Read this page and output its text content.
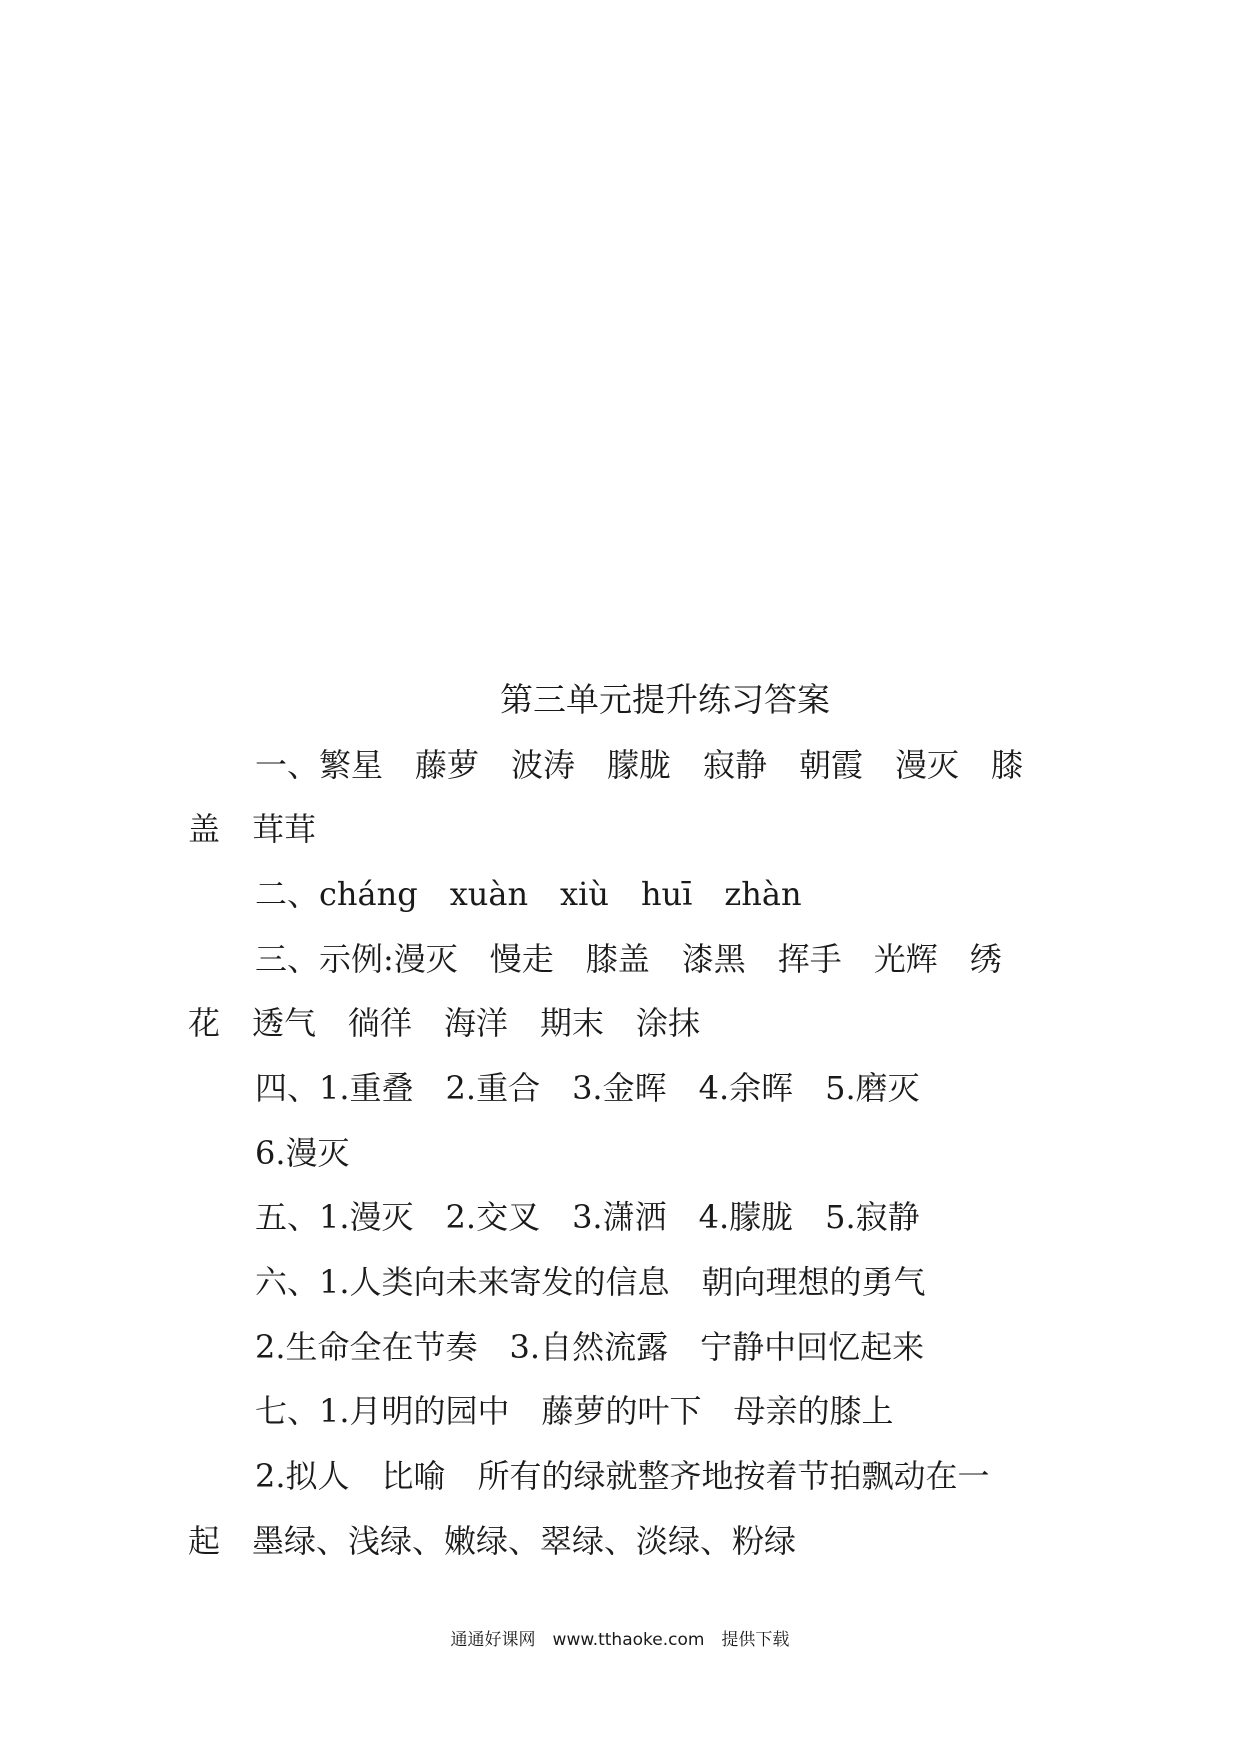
第三单元提升练习答案
一、繁星　藤萝　波涛　朦胧　寂静　朝霞　漫灭　膝
盖　茸茸
二、cháng　xuàn　xiù　huī　zhàn
三、示例:漫灭　慢走　膝盖　漆黑　挥手　光辉　绣
花　透气　徜徉　海洋　期末　涂抹
四、1.重叠　2.重合　3.金晖　4.余晖　5.磨灭
6.漫灭
五、1.漫灭　2.交叉　3.潇洒　4.朦胧　5.寂静
六、1.人类向未来寄发的信息　朝向理想的勇气
2.生命全在节奏　3.自然流露　宁静中回忆起来
七、1.月明的园中　藤萝的叶下　母亲的膝上
2.拟人　比喻　所有的绿就整齐地按着节拍飘动在一
起　墨绿、浅绿、嫩绿、翠绿、淡绿、粉绿
通通好课网　www.tthaoke.com　提供下载
